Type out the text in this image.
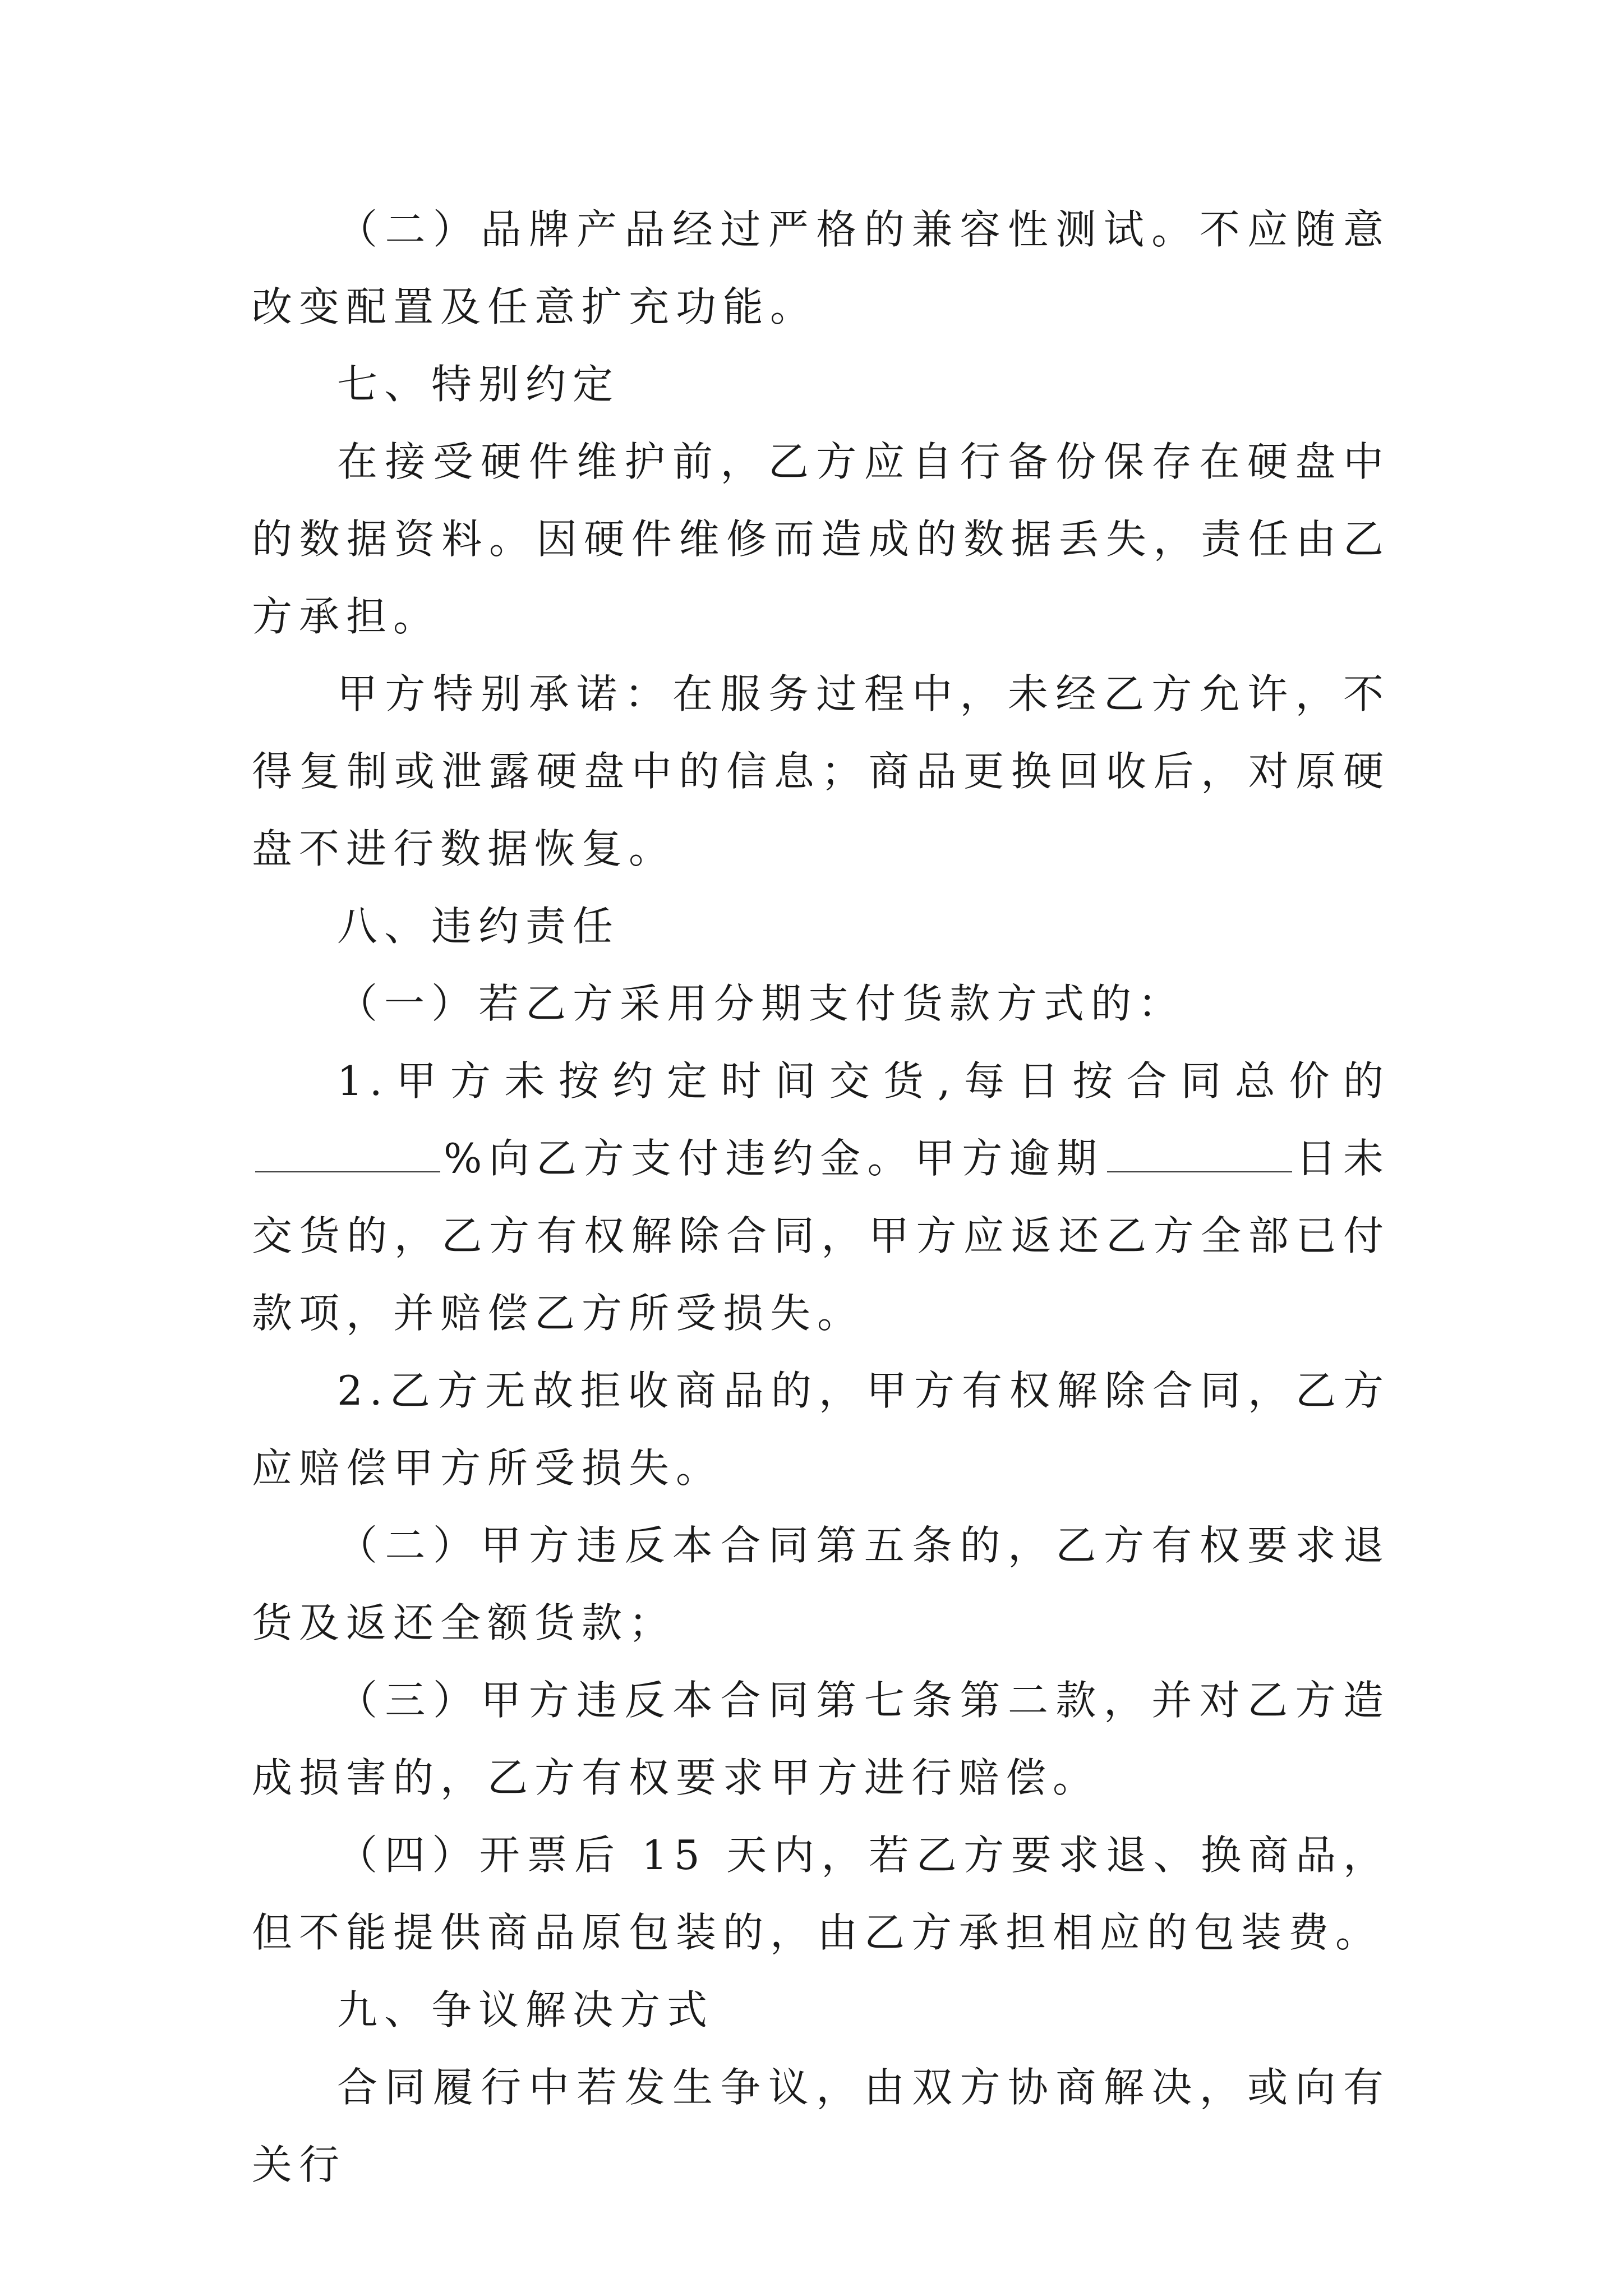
（二）品牌产品经过严格的兼容性测试。不应随意改变配置及任意扩充功能。

七、特别约定

在接受硬件维护前，乙方应自行备份保存在硬盘中的数据资料。因硬件维修而造成的数据丢失，责任由乙方承担。

甲方特别承诺：在服务过程中，未经乙方允许，不得复制或泄露硬盘中的信息；商品更换回收后，对原硬盘不进行数据恢复。

八、违约责任

（一）若乙方采用分期支付货款方式的：

1.甲方未按约定时间交货,每日按合同总价的%向乙方支付违约金。甲方逾期	日未交货的，乙方有权解除合同，甲方应返还乙方全部已付款项，并赔偿乙方所受损失。

2.乙方无故拒收商品的，甲方有权解除合同，乙方应赔偿甲方所受损失。

（二）甲方违反本合同第五条的，乙方有权要求退货及返还全额货款；

（三）甲方违反本合同第七条第二款，并对乙方造成损害的，乙方有权要求甲方进行赔偿。

（四）开票后 15 天内，若乙方要求退、换商品，但不能提供商品原包装的，由乙方承担相应的包装费。

九、争议解决方式

合同履行中若发生争议，由双方协商解决，或向有关行
